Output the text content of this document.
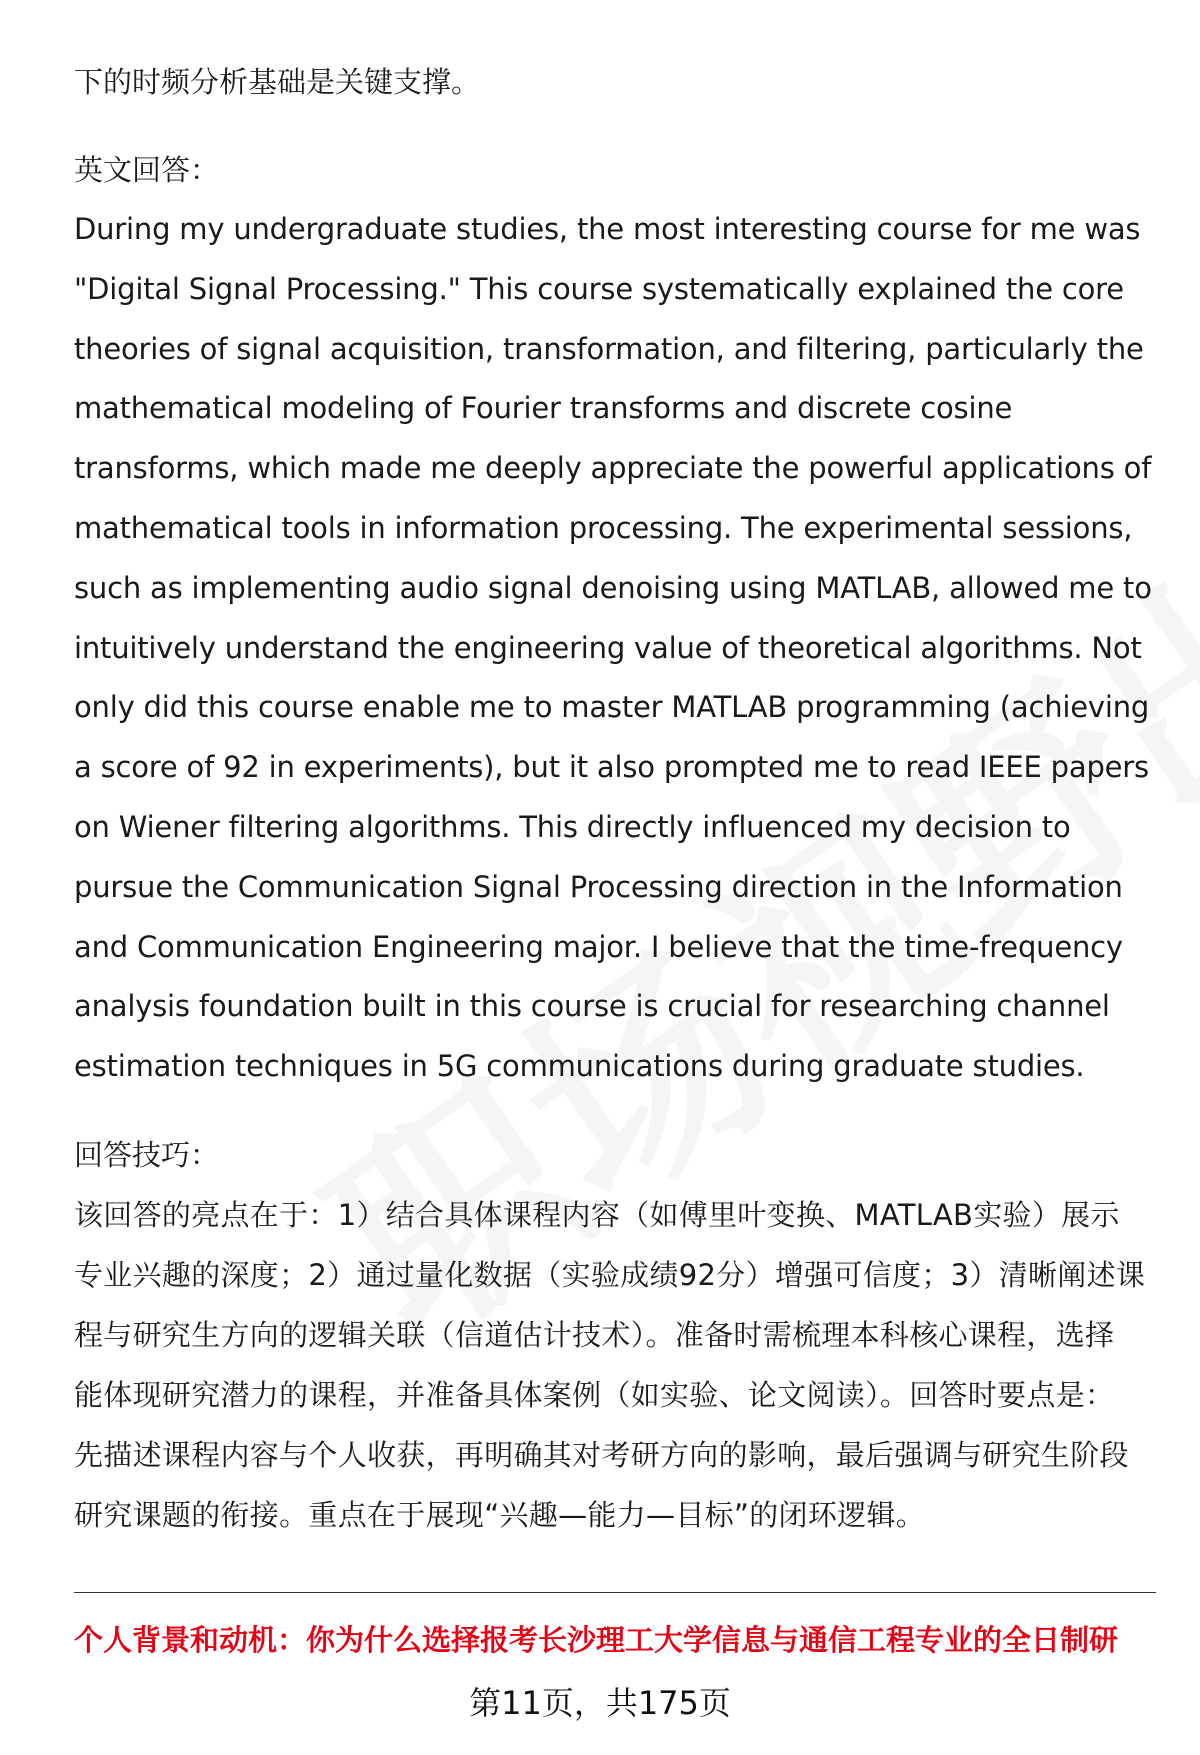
下的时频分析基础是关键支撑。

英文回答：

During my undergraduate studies, the most interesting course for me was
"Digital Signal Processing." This course systematically explained the core
theories of signal acquisition, transformation, and filtering, particularly the
mathematical modeling of Fourier transforms and discrete cosine
transforms, which made me deeply appreciate the powerful applications of
mathematical tools in information processing. The experimental sessions,
such as implementing audio signal denoising using MATLAB, allowed me to
intuitively understand the engineering value of theoretical algorithms. Not
only did this course enable me to master MATLAB programming (achieving
a score of 92 in experiments), but it also prompted me to read IEEE papers
on Wiener filtering algorithms. This directly influenced my decision to
pursue the Communication Signal Processing direction in the Information
and Communication Engineering major. I believe that the time-frequency
analysis foundation built in this course is crucial for researching channel
estimation techniques in 5G communications during graduate studies.

回答技巧：

该回答的亮点在于：1）结合具体课程内容（如傅里叶变换、MATLAB实验）展示
专业兴趣的深度；2）通过量化数据（实验成绩92分）增强可信度；3）清晰阐述课
程与研究生方向的逻辑关联（信道估计技术）。准备时需梳理本科核心课程，选择
能体现研究潜力的课程，并准备具体案例（如实验、论文阅读）。回答时要点是：
先描述课程内容与个人收获，再明确其对考研方向的影响，最后强调与研究生阶段
研究课题的衔接。重点在于展现“兴趣—能力—目标”的闭环逻辑。
个人背景和动机：你为什么选择报考长沙理工大学信息与通信工程专业的全日制研
第11页，共175页
